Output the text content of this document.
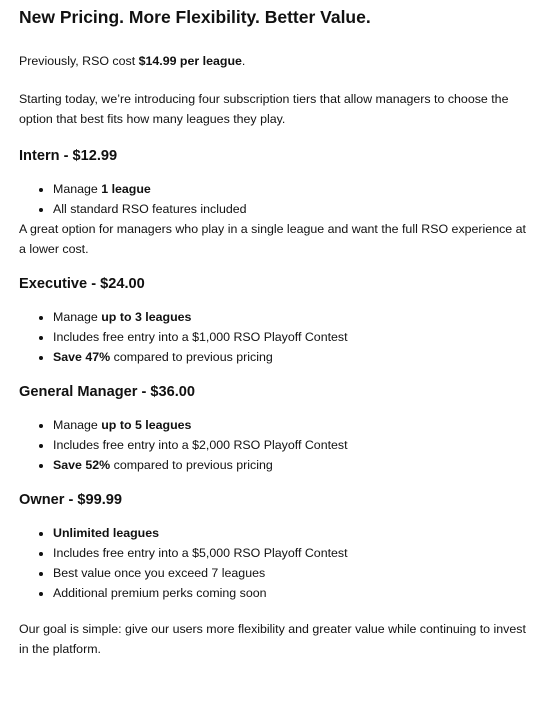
New Pricing. More Flexibility. Better Value.

Previously, RSO cost $14.99 per league.

Starting today, we’re introducing four subscription tiers that allow managers to choose the option that best fits how many leagues they play.

Intern - $12.99
• Manage 1 league
• All standard RSO features included

A great option for managers who play in a single league and want the full RSO experience at a lower cost.

Executive - $24.00
• Manage up to 3 leagues
• Includes free entry into a $1,000 RSO Playoff Contest
• Save 47% compared to previous pricing
General Manager - $36.00
• Manage up to 5 leagues
• Includes free entry into a $2,000 RSO Playoff Contest
• Save 52% compared to previous pricing
Owner - $99.99
• Unlimited leagues
• Includes free entry into a $5,000 RSO Playoff Contest
• Best value once you exceed 7 leagues
• Additional premium perks coming soon

Our goal is simple: give our users more flexibility and greater value while continuing to invest in the platform.
